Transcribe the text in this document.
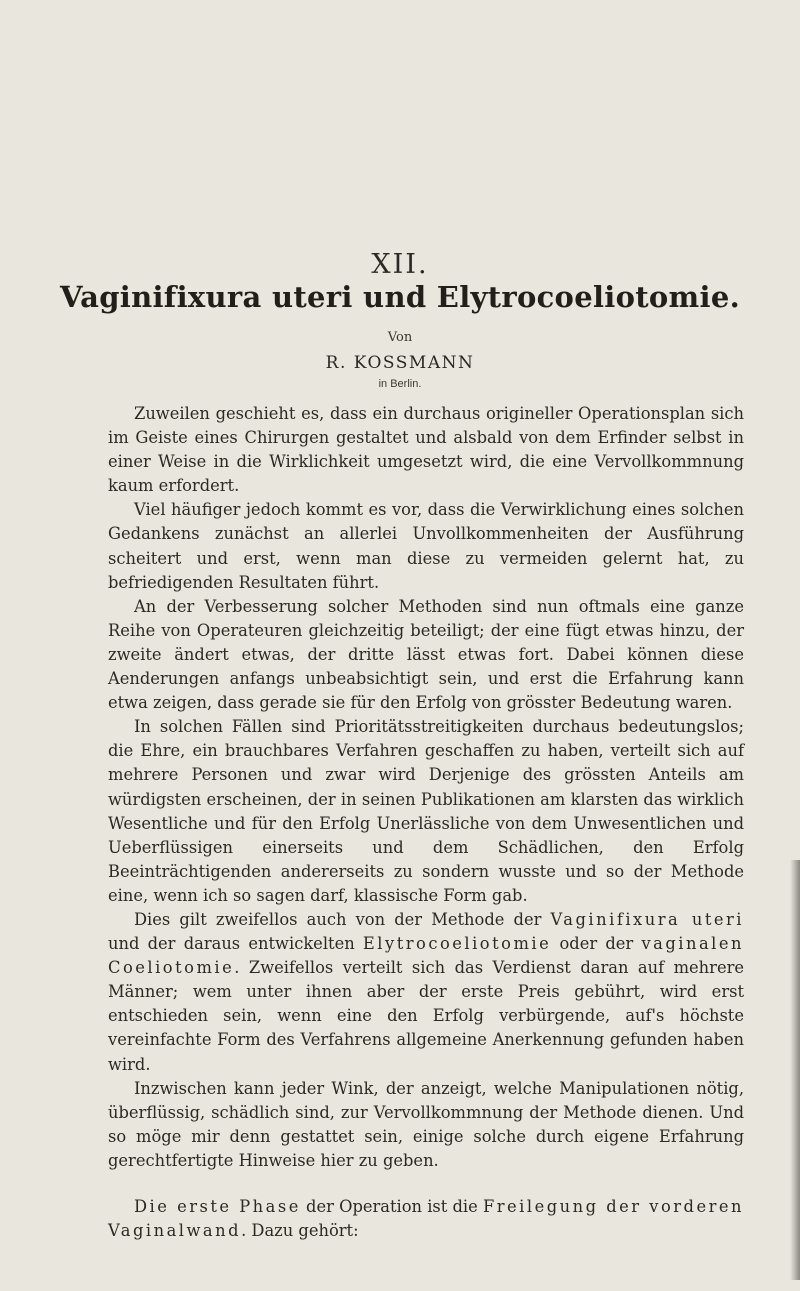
XII.
Vaginifixura uteri und Elytrocoeliotomie.
Von
R. KOSSMANN
in Berlin.

Zuweilen geschieht es, dass ein durchaus origineller Operationsplan sich im Geiste eines Chirurgen gestaltet und alsbald von dem Erfinder selbst in einer Weise in die Wirklichkeit umgesetzt wird, die eine Vervollkommnung kaum erfordert.

Viel häufiger jedoch kommt es vor, dass die Verwirklichung eines solchen Gedankens zunächst an allerlei Unvollkommenheiten der Ausführung scheitert und erst, wenn man diese zu vermeiden gelernt hat, zu befriedigenden Resultaten führt.

An der Verbesserung solcher Methoden sind nun oftmals eine ganze Reihe von Operateuren gleichzeitig beteiligt; der eine fügt etwas hinzu, der zweite ändert etwas, der dritte lässt etwas fort. Dabei können diese Aenderungen anfangs unbeabsichtigt sein, und erst die Erfahrung kann etwa zeigen, dass gerade sie für den Erfolg von grösster Bedeutung waren.

In solchen Fällen sind Prioritätsstreitigkeiten durchaus bedeutungslos; die Ehre, ein brauchbares Verfahren geschaffen zu haben, verteilt sich auf mehrere Personen und zwar wird Derjenige des grössten Anteils am würdigsten erscheinen, der in seinen Publikationen am klarsten das wirklich Wesentliche und für den Erfolg Unerlässliche von dem Unwesentlichen und Ueberflüssigen einerseits und dem Schädlichen, den Erfolg Beeinträchtigenden andererseits zu sondern wusste und so der Methode eine, wenn ich so sagen darf, klassische Form gab.

Dies gilt zweifellos auch von der Methode der Vaginifixura uteri und der daraus entwickelten Elytrocoeliotomie oder der vaginalen Coeliotomie. Zweifellos verteilt sich das Verdienst daran auf mehrere Männer; wem unter ihnen aber der erste Preis gebührt, wird erst entschieden sein, wenn eine den Erfolg verbürgende, auf's höchste vereinfachte Form des Verfahrens allgemeine Anerkennung gefunden haben wird.

Inzwischen kann jeder Wink, der anzeigt, welche Manipulationen nötig, überflüssig, schädlich sind, zur Vervollkommnung der Methode dienen. Und so möge mir denn gestattet sein, einige solche durch eigene Erfahrung gerechtfertigte Hinweise hier zu geben.

Die erste Phase der Operation ist die Freilegung der vorderen Vaginalwand. Dazu gehört:
